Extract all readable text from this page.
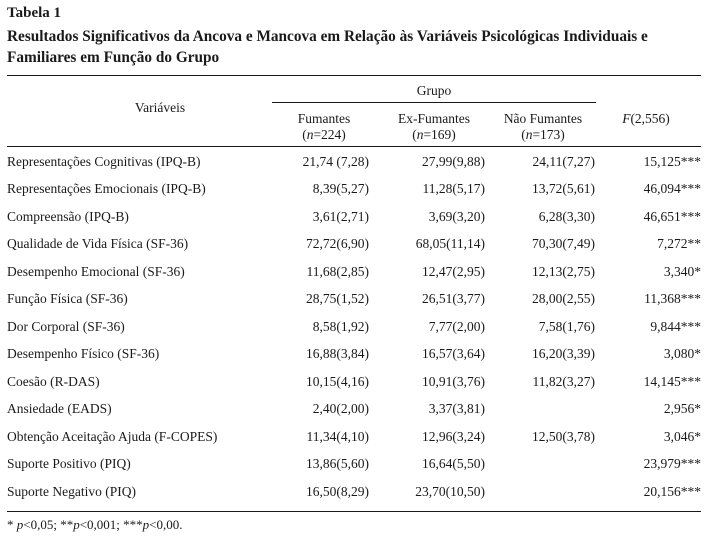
Tabela 1
Resultados Significativos da Ancova e Mancova em Relação às Variáveis Psicológicas Individuais e Familiares em Função do Grupo
Variáveis
Grupo
Fumantes
(n=224)
Ex-Fumantes
(n=169)
Não Fumantes
(n=173)
F(2,556)
Representações Cognitivas (IPQ-B)	21,74 (7,28)	27,99(9,88)	24,11(7,27)	15,125***
Representações Emocionais (IPQ-B)	8,39(5,27)	11,28(5,17)	13,72(5,61)	46,094***
Compreensão (IPQ-B)	3,61(2,71)	3,69(3,20)	6,28(3,30)	46,651***
Qualidade de Vida Física (SF-36)	72,72(6,90)	68,05(11,14)	70,30(7,49)	7,272**
Desempenho Emocional (SF-36)	11,68(2,85)	12,47(2,95)	12,13(2,75)	3,340*
Função Física (SF-36)	28,75(1,52)	26,51(3,77)	28,00(2,55)	11,368***
Dor Corporal (SF-36)	8,58(1,92)	7,77(2,00)	7,58(1,76)	9,844***
Desempenho Físico (SF-36)	16,88(3,84)	16,57(3,64)	16,20(3,39)	3,080*
Coesão (R-DAS)	10,15(4,16)	10,91(3,76)	11,82(3,27)	14,145***
Ansiedade (EADS)	2,40(2,00)	3,37(3,81)		2,956*
Obtenção Aceitação Ajuda (F-COPES)	11,34(4,10)	12,96(3,24)	12,50(3,78)	3,046*
Suporte Positivo (PIQ)	13,86(5,60)	16,64(5,50)		23,979***
Suporte Negativo (PIQ)	16,50(8,29)	23,70(10,50)		20,156***
* p<0,05; **p<0,001; ***p<0,00.
